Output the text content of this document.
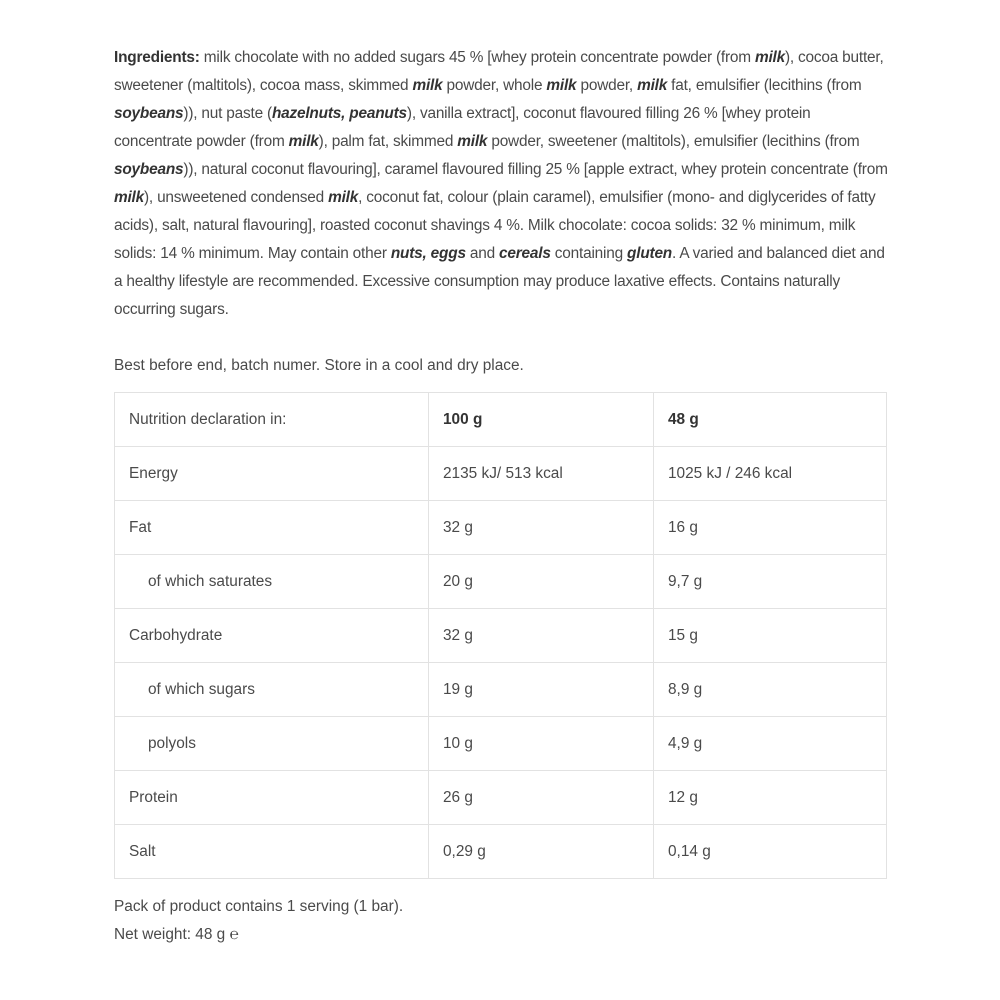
Ingredients: milk chocolate with no added sugars 45 % [whey protein concentrate powder (from milk), cocoa butter, sweetener (maltitols), cocoa mass, skimmed milk powder, whole milk powder, milk fat, emulsifier (lecithins (from soybeans)), nut paste (hazelnuts, peanuts), vanilla extract], coconut flavoured filling 26 % [whey protein concentrate powder (from milk), palm fat, skimmed milk powder, sweetener (maltitols), emulsifier (lecithins (from soybeans)), natural coconut flavouring], caramel flavoured filling 25 % [apple extract, whey protein concentrate (from milk), unsweetened condensed milk, coconut fat, colour (plain caramel), emulsifier (mono- and diglycerides of fatty acids), salt, natural flavouring], roasted coconut shavings 4 %. Milk chocolate: cocoa solids: 32 % minimum, milk solids: 14 % minimum. May contain other nuts, eggs and cereals containing gluten. A varied and balanced diet and a healthy lifestyle are recommended. Excessive consumption may produce laxative effects. Contains naturally occurring sugars.

Best before end, batch numer. Store in a cool and dry place.

Nutrition declaration in:	100 g	48 g
Energy	2135 kJ/ 513 kcal	1025 kJ / 246 kcal
Fat	32 g	16 g
of which saturates	20 g	9,7 g
Carbohydrate	32 g	15 g
of which sugars	19 g	8,9 g
polyols	10 g	4,9 g
Protein	26 g	12 g
Salt	0,29 g	0,14 g
Pack of product contains 1 serving (1 bar).
Net weight: 48 g ℮
